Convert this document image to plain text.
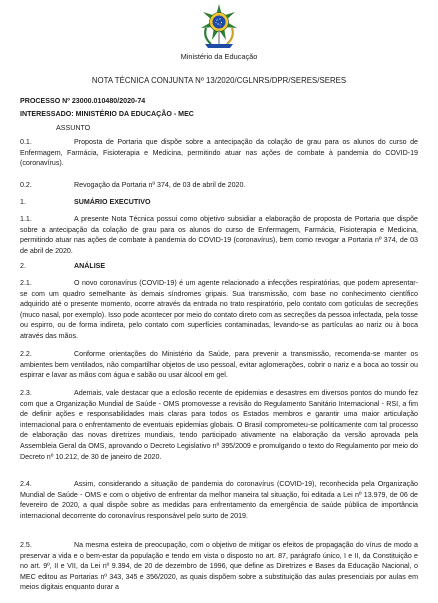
Ministério da Educação
NOTA TÉCNICA CONJUNTA Nº 13/2020/CGLNRS/DPR/SERES/SERES
PROCESSO Nº 23000.010480/2020-74
INTERESSADO: MINISTÉRIO DA EDUCAÇÃO - MEC
ASSUNTO
0.1.	Proposta de Portaria que dispõe sobre a antecipação da colação de grau para os alunos do curso de Enfermagem, Farmácia, Fisioterapia e Medicina, permitindo atuar nas ações de combate à pandemia do COVID-19 (coronavírus).
0.2.	Revogação da Portaria nº 374, de 03 de abril de 2020.
1.	SUMÁRIO EXECUTIVO
1.1.	A presente Nota Técnica possui como objetivo subsidiar a elaboração de proposta de Portaria que dispõe sobre a antecipação da colação de grau para os alunos do curso de Enfermagem, Farmácia, Fisioterapia e Medicina, permitindo atuar nas ações de combate à pandemia do COVID-19 (coronavírus), bem como revogar a Portaria nº 374, de 03 de abril de 2020.
2.	ANÁLISE
2.1.	O novo coronavírus (COVID-19) é um agente relacionado a infecções respiratórias, que podem apresentar-se com um quadro semelhante às demais síndromes gripais. Sua transmissão, com base no conhecimento científico adquirido até o presente momento, ocorre através da entrada no trato respiratório, pelo contato com gotículas de secreções (muco nasal, por exemplo). Isso pode acontecer por meio do contato direto com as secreções da pessoa infectada, pela tosse ou espirro, ou de forma indireta, pelo contato com superfícies contaminadas, levando-se as partículas ao nariz ou à boca através das mãos.
2.2.	Conforme orientações do Ministério da Saúde, para prevenir a transmissão, recomenda-se manter os ambientes bem ventilados, não compartilhar objetos de uso pessoal, evitar aglomerações, cobrir o nariz e a boca ao tossir ou espirrar e lavar as mãos com água e sabão ou usar álcool em gel.
2.3.	Ademais, vale destacar que a eclosão recente de epidemias e desastres em diversos pontos do mundo fez com que a Organização Mundial de Saúde - OMS promovesse a revisão do Regulamento Sanitário Internacional - RSI, a fim de definir ações e responsabilidades mais claras para todos os Estados membros e garantir uma maior articulação internacional para o enfrentamento de eventuais epidemias globais. O Brasil comprometeu-se politicamente com tal processo de elaboração das novas diretrizes mundiais, tendo participado ativamente na elaboração da versão aprovada pela Assembleia Geral da OMS, aprovando o Decreto Legislativo nº 395/2009 e promulgando o texto do Regulamento por meio do Decreto nº 10.212, de 30 de janeiro de 2020.
2.4.	Assim, considerando a situação de pandemia do coronavírus (COVID-19), reconhecida pela Organização Mundial de Saúde - OMS e com o objetivo de enfrentar da melhor maneira tal situação, foi editada a Lei nº 13.979, de 06 de fevereiro de 2020, a qual dispõe sobre as medidas para enfrentamento da emergência de saúde pública de importância internacional decorrente do coronavírus responsável pelo surto de 2019.
2.5.	Na mesma esteira de preocupação, com o objetivo de mitigar os efeitos de propagação do vírus de modo a preservar a vida e o bem-estar da população e tendo em vista o disposto no art. 87, parágrafo único, I e II, da Constituição e no art. 9º, II e VII, da Lei nº 9.394, de 20 de dezembro de 1996, que define as Diretrizes e Bases da Educação Nacional, o MEC editou as Portarias nº 343, 345 e 356/2020, as quais dispõem sobre a substituição das aulas presenciais por aulas em meios digitais enquanto durar a
